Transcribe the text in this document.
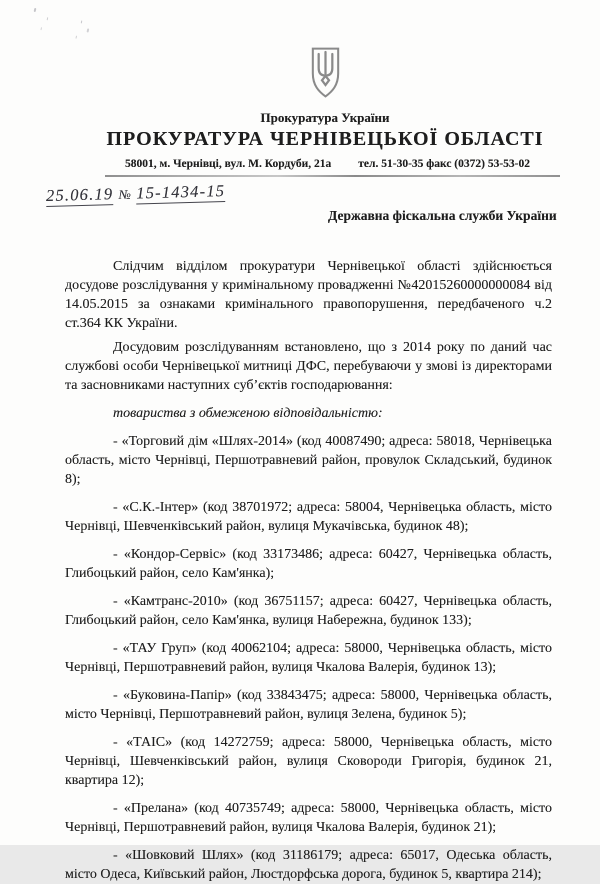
Прокуратура України
ПРОКУРАТУРА ЧЕРНІВЕЦЬКОЇ ОБЛАСТІ
58001, м. Чернівці, вул. М. Кордуби, 21а тел. 51-30-35 факс (0372) 53-53-02
25.06.19 № 15-1434-15
Державна фіскальна служби України

Слідчим відділом прокуратури Чернівецької області здійснюється досудове розслідування у кримінальному провадженні №42015260000000084 від 14.05.2015 за ознаками кримінального правопорушення, передбаченого ч.2 ст.364 КК України.

Досудовим розслідуванням встановлено, що з 2014 року по даний час службові особи Чернівецької митниці ДФС, перебуваючи у змові із директорами та засновниками наступних суб’єктів господарювання:

товариства з обмеженою відповідальністю:

- «Торговий дім «Шлях-2014» (код 40087490; адреса: 58018, Чернівецька область, місто Чернівці, Першотравневий район, провулок Складський, будинок 8);

- «С.К.-Інтер» (код 38701972; адреса: 58004, Чернівецька область, місто Чернівці, Шевченківський район, вулиця Мукачівська, будинок 48);

- «Кондор-Сервіс» (код 33173486; адреса: 60427, Чернівецька область, Глибоцький район, село Кам'янка);

- «Камтранс-2010» (код 36751157; адреса: 60427, Чернівецька область, Глибоцький район, село Кам'янка, вулиця Набережна, будинок 133);

- «ТАУ Груп» (код 40062104; адреса: 58000, Чернівецька область, місто Чернівці, Першотравневий район, вулиця Чкалова Валерія, будинок 13);

- «Буковина-Папір» (код 33843475; адреса: 58000, Чернівецька область, місто Чернівці, Першотравневий район, вулиця Зелена, будинок 5);

- «ТАІС» (код 14272759; адреса: 58000, Чернівецька область, місто Чернівці, Шевченківський район, вулиця Сковороди Григорія, будинок 21, квартира 12);

- «Прелана» (код 40735749; адреса: 58000, Чернівецька область, місто Чернівці, Першотравневий район, вулиця Чкалова Валерія, будинок 21);

- «Шовковий Шлях» (код 31186179; адреса: 65017, Одеська область, місто Одеса, Київський район, Люстдорфська дорога, будинок 5, квартира 214);
